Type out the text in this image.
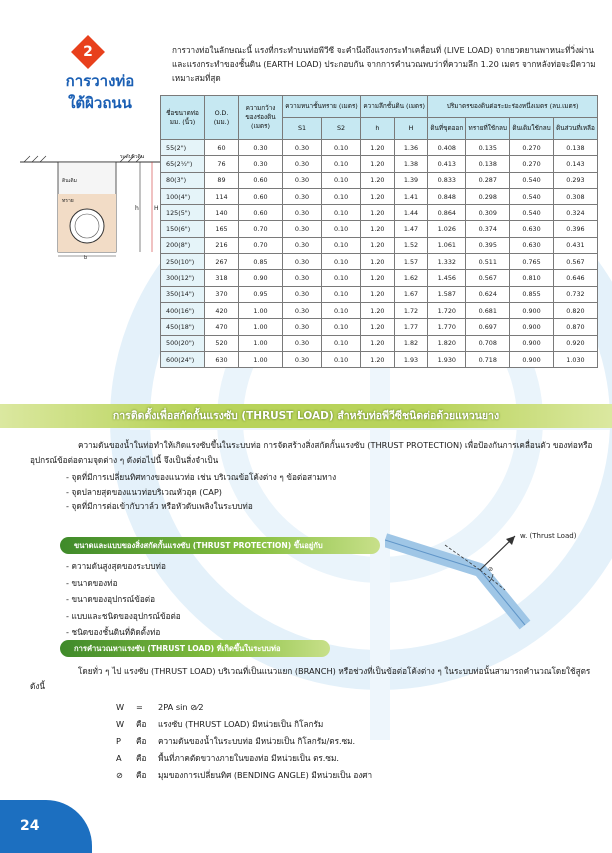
2
การวางท่อ
ใต้ผิวถนน
การวางท่อในลักษณะนี้ แรงที่กระทำบนท่อพีวีซี จะคำนึงถึงแรงกระทำเคลื่อนที่ (LIVE LOAD) จากยวดยานพาหนะที่วิ่งผ่าน และแรงกระทำของชั้นดิน (EARTH LOAD) ประกอบกัน จากการคำนวณพบว่าที่ความลึก 1.20 เมตร จากหลังท่อจะมีความเหมาะสมที่สุด
ระดับผิวดิน
ดินเดิม
ทราย
h	H
b
ชื่อขนาดท่อ มม. (นิ้ว)	O.D. (มม.)	ความกว้างของร่องดิน (เมตร)	ความหนาชั้นทราย (เมตร)		ความลึกชั้นดิน (เมตร)		ปริมาตรของดินต่อระยะร่องหนึ่งเมตร (ลบ.เมตร)			
			S1	S2	h	H	ดินที่ขุดออก	ทรายที่ใช้กลบ	ดินเดิมใช้กลบ	ดินส่วนที่เหลือ
55(2")	60	0.30	0.30	0.10	1.20	1.36	0.408	0.135	0.270	0.138
65(2½")	76	0.30	0.30	0.10	1.20	1.38	0.413	0.138	0.270	0.143
80(3")	89	0.60	0.30	0.10	1.20	1.39	0.833	0.287	0.540	0.293
100(4")	114	0.60	0.30	0.10	1.20	1.41	0.848	0.298	0.540	0.308
125(5")	140	0.60	0.30	0.10	1.20	1.44	0.864	0.309	0.540	0.324
150(6")	165	0.70	0.30	0.10	1.20	1.47	1.026	0.374	0.630	0.396
200(8")	216	0.70	0.30	0.10	1.20	1.52	1.061	0.395	0.630	0.431
250(10")	267	0.85	0.30	0.10	1.20	1.57	1.332	0.511	0.765	0.567
300(12")	318	0.90	0.30	0.10	1.20	1.62	1.456	0.567	0.810	0.646
350(14")	370	0.95	0.30	0.10	1.20	1.67	1.587	0.624	0.855	0.732
400(16")	420	1.00	0.30	0.10	1.20	1.72	1.720	0.681	0.900	0.820
450(18")	470	1.00	0.30	0.10	1.20	1.77	1.770	0.697	0.900	0.870
500(20")	520	1.00	0.30	0.10	1.20	1.82	1.820	0.708	0.900	0.920
600(24")	630	1.00	0.30	0.10	1.20	1.93	1.930	0.718	0.900	1.030
การติดตั้งเพื่อสกัดกั้นแรงซับ (THRUST LOAD) สำหรับท่อพีวีซีชนิดต่อด้วยแหวนยาง
ความดันของน้ำในท่อทำให้เกิดแรงซับขึ้นในระบบท่อ การจัดสร้างสิ่งสกัดกั้นแรงซับ (THRUST PROTECTION) เพื่อป้องกันการเคลื่อนตัว ของท่อหรืออุปกรณ์ข้อต่อตามจุดต่าง ๆ ดังต่อไปนี้ จึงเป็นสิ่งจำเป็น
- จุดที่มีการเปลี่ยนทิศทางของแนวท่อ เช่น บริเวณข้อโค้งต่าง ๆ ข้อต่อสามทาง
- จุดปลายสุดของแนวท่อบริเวณหัวอุด (CAP)
- จุดที่มีการต่อเข้ากับวาล์ว หรือหัวดับเพลิงในระบบท่อ
ขนาดและแบบของสิ่งสกัดกั้นแรงซับ (THRUST PROTECTION) ขึ้นอยู่กับ
- ความดันสูงสุดของระบบท่อ
- ขนาดของท่อ
- ขนาดของอุปกรณ์ข้อต่อ
- แบบและชนิดของอุปกรณ์ข้อต่อ
- ชนิดของชั้นดินที่ติดตั้งท่อ
⊘
w. (Thrust Load)
การคำนวณหาแรงซับ (THRUST LOAD) ที่เกิดขึ้นในระบบท่อ
โดยทั่ว ๆ ไป แรงซับ (THRUST LOAD) บริเวณที่เป็นแนวแยก (BRANCH) หรือช่วงที่เป็นข้อต่อโค้งต่าง ๆ ในระบบท่อนั้นสามารถคำนวณโดยใช้สูตรดังนี้
W	=	2PA sin ⊘⁄2
W	คือ	แรงซับ (THRUST LOAD) มีหน่วยเป็น กิโลกรัม
P	คือ	ความดันของน้ำในระบบท่อ มีหน่วยเป็น กิโลกรัม/ตร.ซม.
A	คือ	พื้นที่ภาคตัดขวางภายในของท่อ มีหน่วยเป็น ตร.ซม.
⊘	คือ	มุมของการเปลี่ยนทิศ (BENDING ANGLE) มีหน่วยเป็น องศา
24
